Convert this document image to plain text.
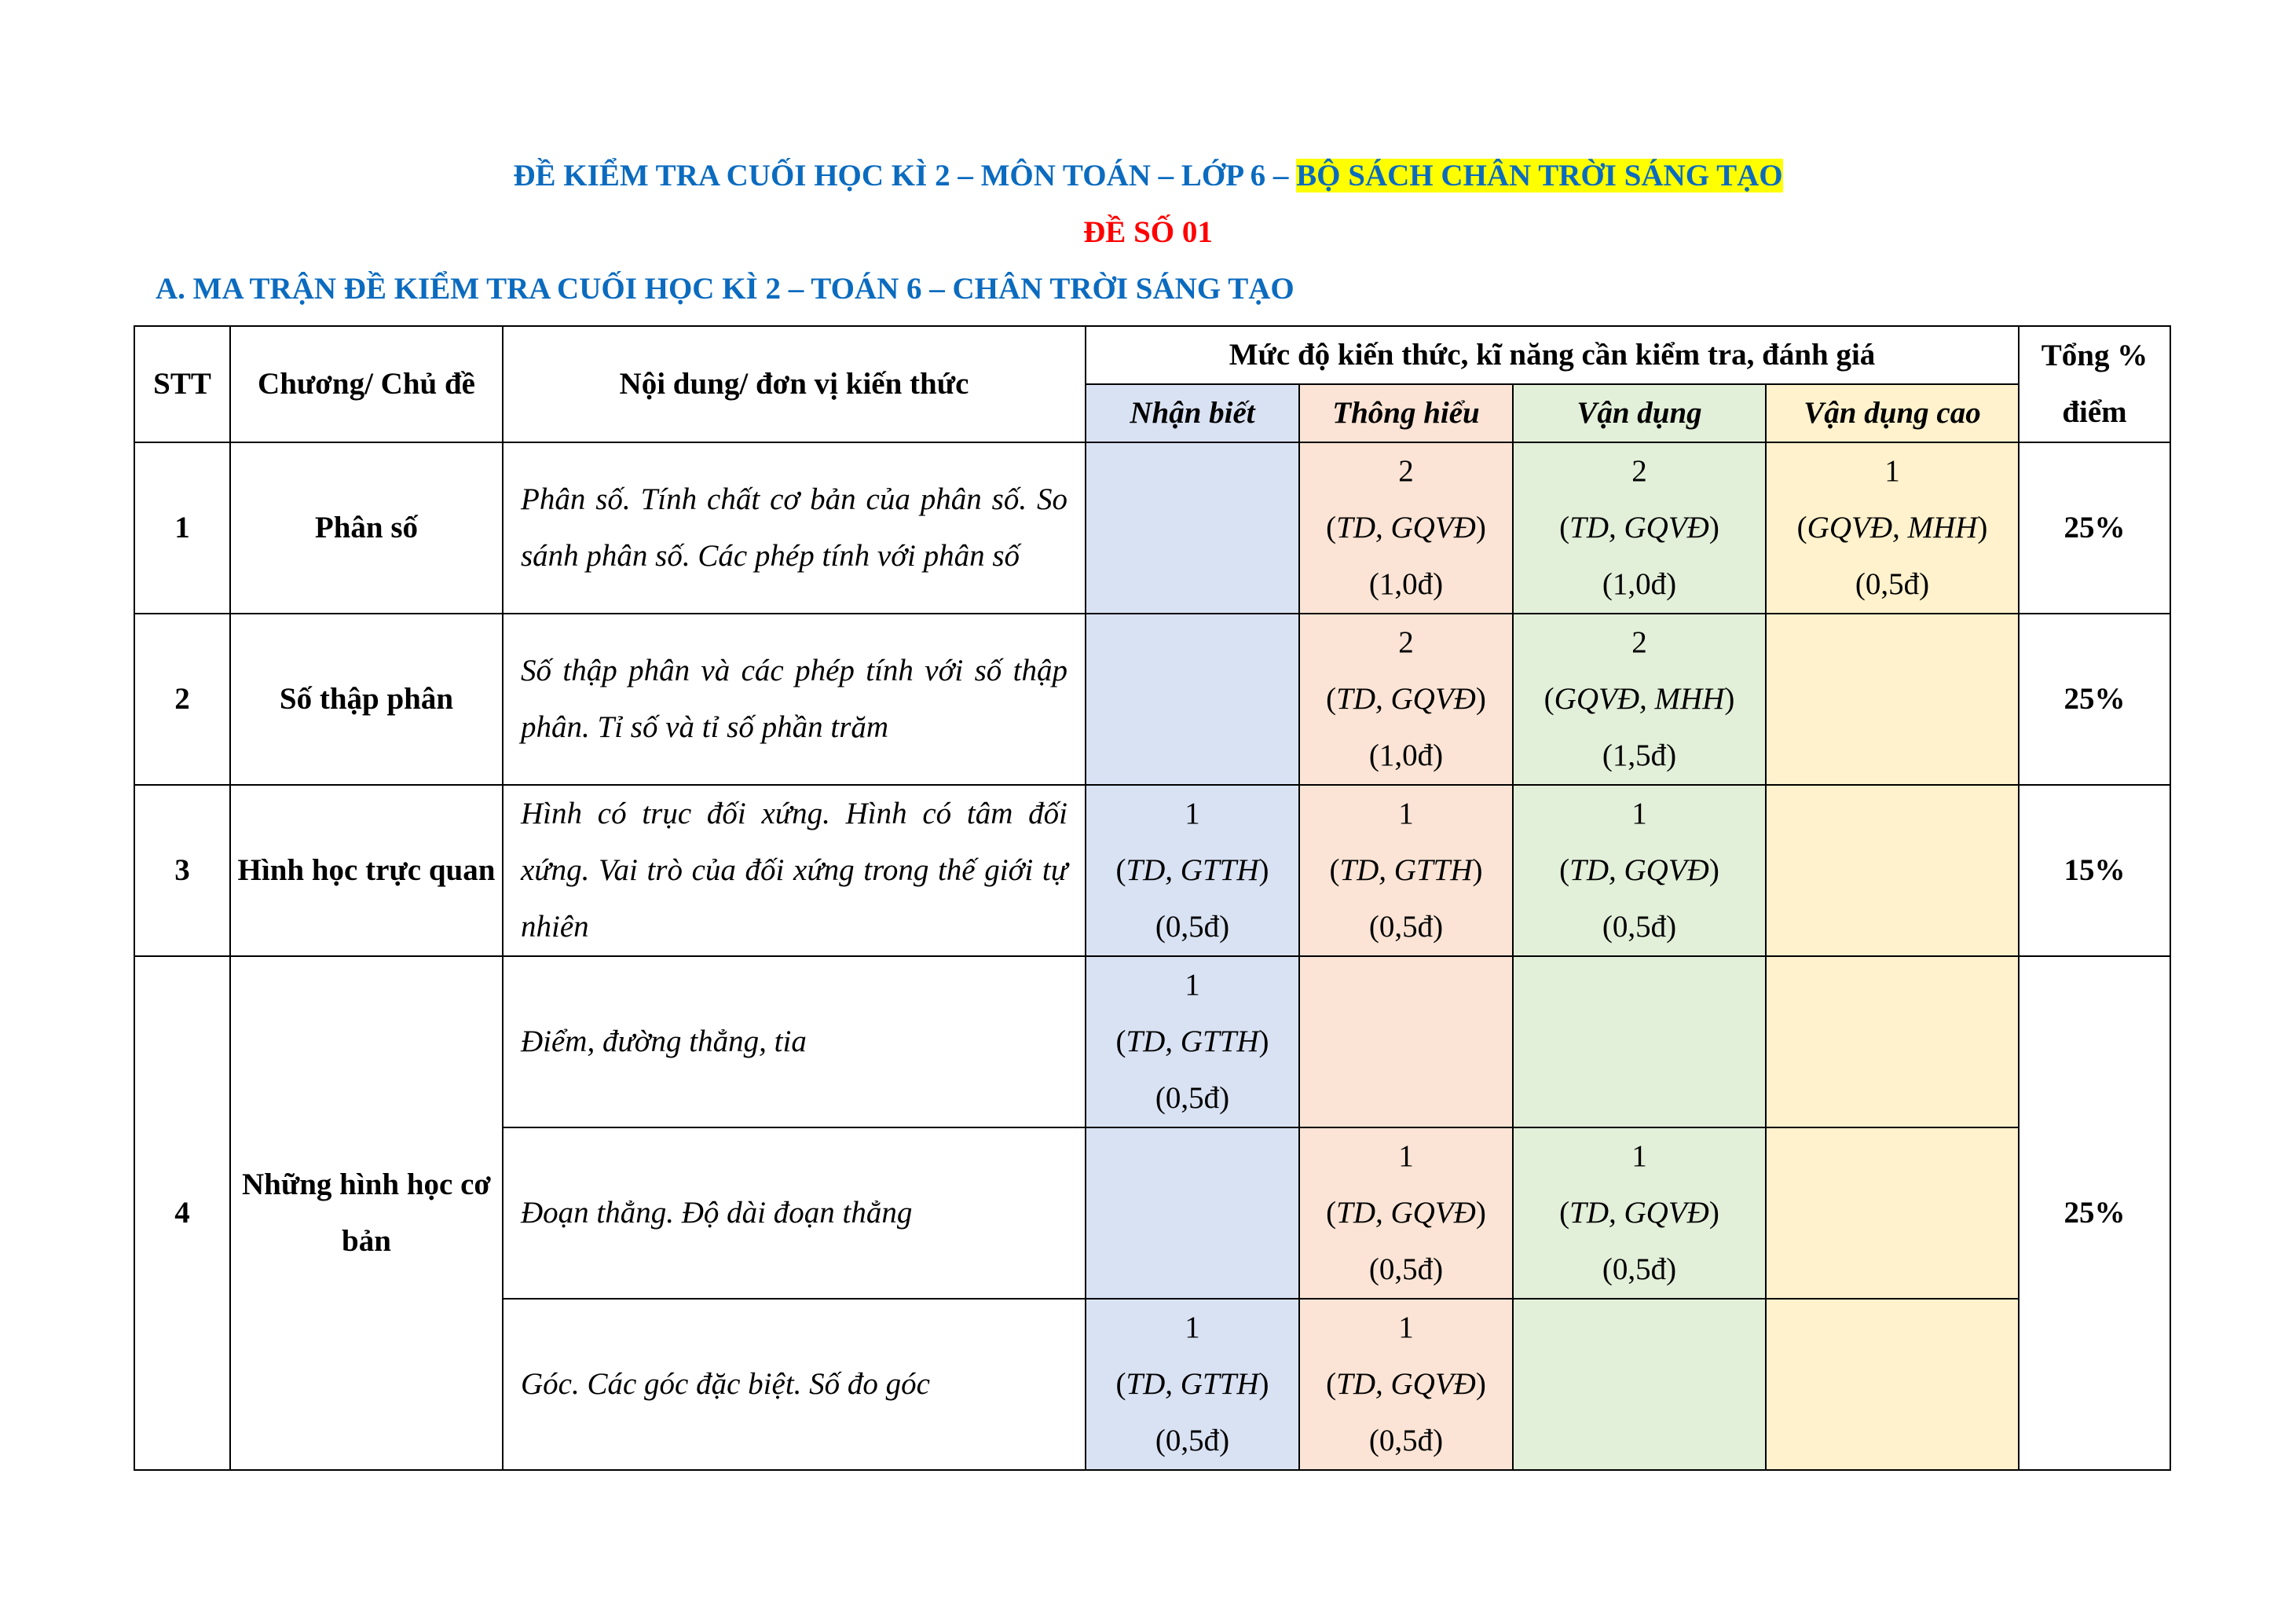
ĐỀ KIỂM TRA CUỐI HỌC KÌ 2 – MÔN TOÁN – LỚP 6 – BỘ SÁCH CHÂN TRỜI SÁNG TẠO
ĐỀ SỐ 01
A. MA TRẬN ĐỀ KIỂM TRA CUỐI HỌC KÌ 2 – TOÁN 6 – CHÂN TRỜI SÁNG TẠO
STT	Chương/ Chủ đề	Nội dung/ đơn vị kiến thức	Mức độ kiến thức, kĩ năng cần kiểm tra, đánh giá				Tổng %
điểm

			Nhận biết	Thông hiểu	Vận dụng	Vận dụng cao	
1	Phân số	Phân số. Tính chất cơ bản của phân số. So sánh phân số. Các phép tính với phân số		2
(TD, GQVĐ)
(1,0đ)	2
(TD, GQVĐ)
(1,0đ)	1
(GQVĐ, MHH)
(0,5đ)	25%
2	Số thập phân	Số thập phân và các phép tính với số thập phân. Tỉ số và tỉ số phần trăm		2
(TD, GQVĐ)
(1,0đ)	2
(GQVĐ, MHH)
(1,5đ)		25%
3	Hình học trực quan	Hình có trục đối xứng. Hình có tâm đối xứng. Vai trò của đối xứng trong thế giới tự nhiên	1
(TD, GTTH)
(0,5đ)	1
(TD, GTTH)
(0,5đ)	1
(TD, GQVĐ)
(0,5đ)		15%
4	Những hình học cơ bản	Điểm, đường thẳng, tia	1
(TD, GTTH)
(0,5đ)				25%
		Đoạn thẳng. Độ dài đoạn thẳng		1
(TD, GQVĐ)
(0,5đ)	1
(TD, GQVĐ)
(0,5đ)		

		Góc. Các góc đặc biệt. Số đo góc	1
(TD, GTTH)
(0,5đ)	1
(TD, GQVĐ)
(0,5đ)			
